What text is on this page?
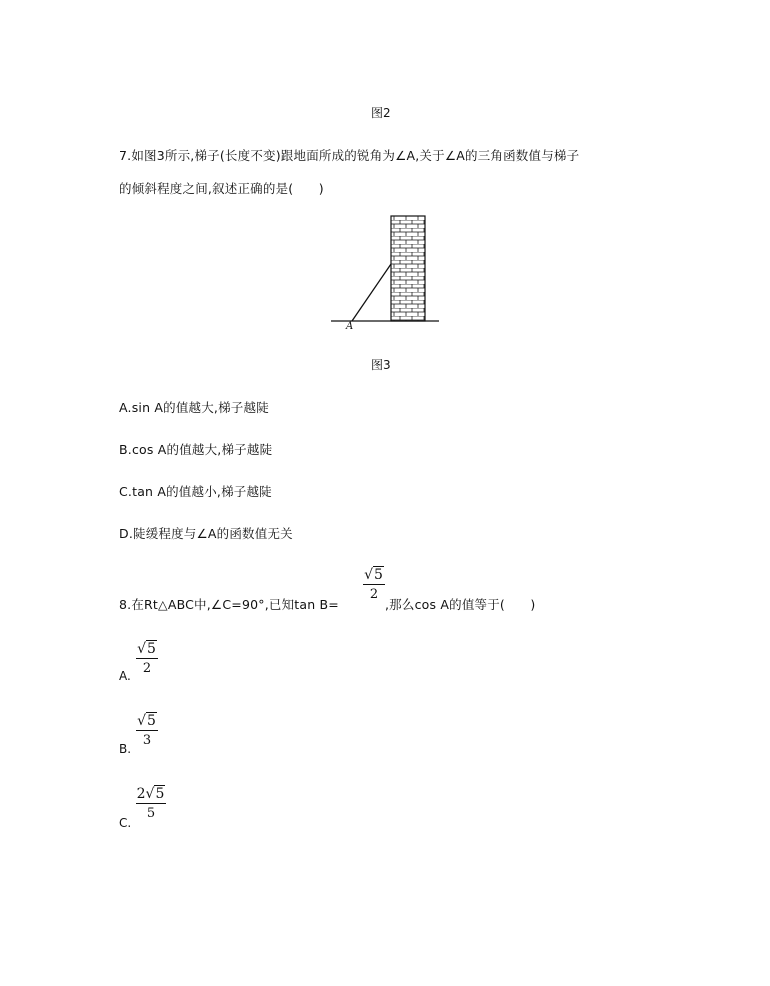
图2
7.如图3所示,梯子(长度不变)跟地面所成的锐角为∠A,关于∠A的三角函数值与梯子
的倾斜程度之间,叙述正确的是(　　)
A
图3
A.sin A的值越大,梯子越陡
B.cos A的值越大,梯子越陡
C.tan A的值越小,梯子越陡
D.陡缓程度与∠A的函数值无关
8.在Rt△ABC中,∠C=90°,已知tan B=
√5
2
,那么cos A的值等于(　　)
A.
√5
2
B.
√5
3
C.
2√5
5
